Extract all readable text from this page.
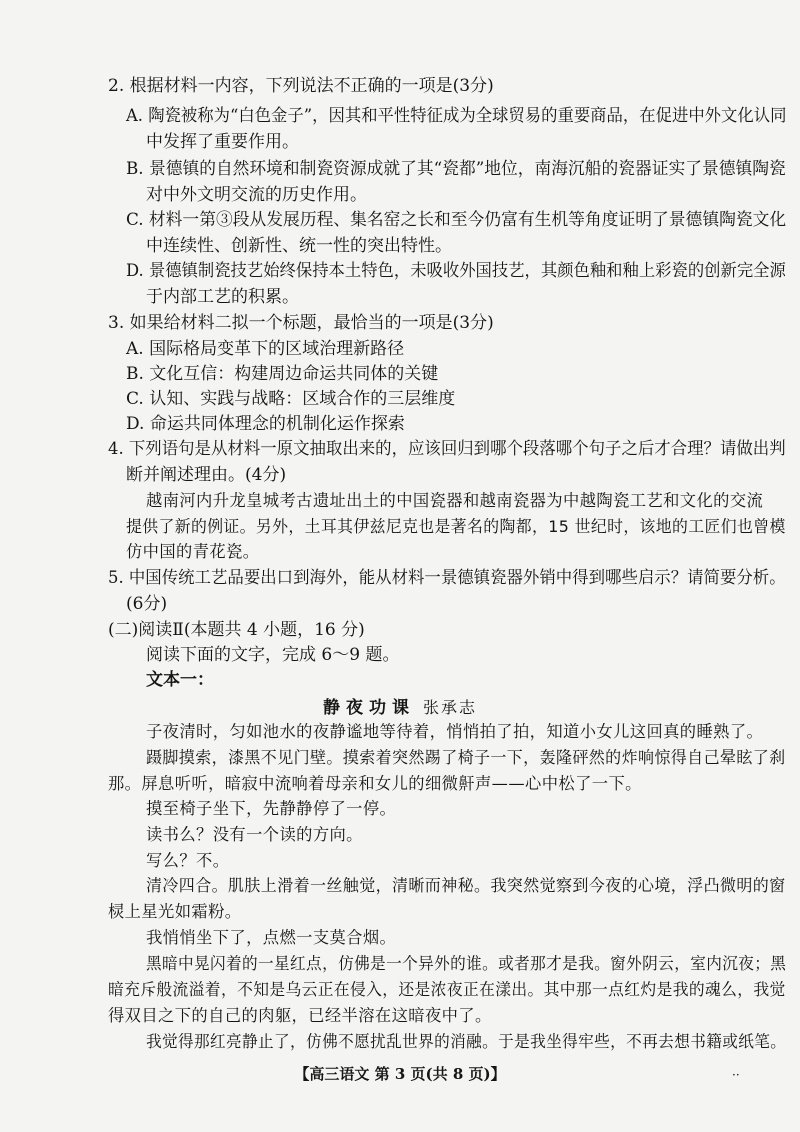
2. 根据材料一内容，下列说法不正确的一项是(3分)
A. 陶瓷被称为“白色金子”，因其和平性特征成为全球贸易的重要商品，在促进中外文化认同
中发挥了重要作用。
B. 景德镇的自然环境和制瓷资源成就了其“瓷都”地位，南海沉船的瓷器证实了景德镇陶瓷
对中外文明交流的历史作用。
C. 材料一第③段从发展历程、集名窑之长和至今仍富有生机等角度证明了景德镇陶瓷文化
中连续性、创新性、统一性的突出特性。
D. 景德镇制瓷技艺始终保持本土特色，未吸收外国技艺，其颜色釉和釉上彩瓷的创新完全源
于内部工艺的积累。
3. 如果给材料二拟一个标题，最恰当的一项是(3分)
A. 国际格局变革下的区域治理新路径
B. 文化互信：构建周边命运共同体的关键
C. 认知、实践与战略：区域合作的三层维度
D. 命运共同体理念的机制化运作探索
4. 下列语句是从材料一原文抽取出来的，应该回归到哪个段落哪个句子之后才合理？请做出判
断并阐述理由。(4分)
越南河内升龙皇城考古遗址出土的中国瓷器和越南瓷器为中越陶瓷工艺和文化的交流
提供了新的例证。另外，土耳其伊兹尼克也是著名的陶都，15 世纪时，该地的工匠们也曾模
仿中国的青花瓷。
5. 中国传统工艺品要出口到海外，能从材料一景德镇瓷器外销中得到哪些启示？请简要分析。
(6分)
(二)阅读Ⅱ(本题共 4 小题，16 分)
阅读下面的文字，完成 6～9 题。
文本一：
静夜功课 张承志
子夜清时，匀如池水的夜静谧地等待着，悄悄拍了拍，知道小女儿这回真的睡熟了。
蹑脚摸索，漆黑不见门壁。摸索着突然踢了椅子一下，轰隆砰然的炸响惊得自己晕眩了刹
那。屏息听听，暗寂中流响着母亲和女儿的细微鼾声——心中松了一下。
摸至椅子坐下，先静静停了一停。
读书么？没有一个读的方向。
写么？不。
清冷四合。肌肤上滑着一丝触觉，清晰而神秘。我突然觉察到今夜的心境，浮凸微明的窗
棂上星光如霜粉。
我悄悄坐下了，点燃一支莫合烟。
黑暗中晃闪着的一星红点，仿佛是一个异外的谁。或者那才是我。窗外阴云，室内沉夜；黑
暗充斥般流溢着，不知是乌云正在侵入，还是浓夜正在漾出。其中那一点红灼是我的魂么，我觉
得双目之下的自己的肉躯，已经半溶在这暗夜中了。
我觉得那红亮静止了，仿佛不愿扰乱世界的消融。于是我坐得牢些，不再去想书籍或纸笔。
【高三语文 第 3 页(共 8 页)】	··
